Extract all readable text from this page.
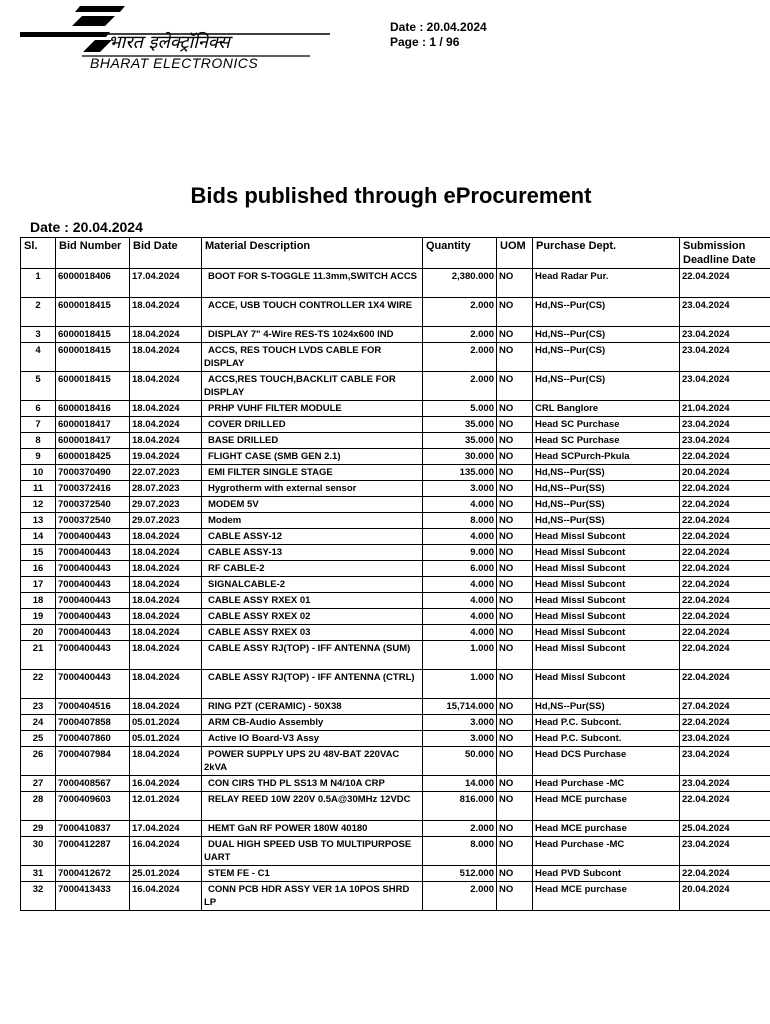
भारत इलेक्ट्रॉनिक्स
BHARAT ELECTRONICS
Date : 20.04.2024
Page : 1 / 96
Bids published through eProcurement
Date : 20.04.2024
Sl.	Bid Number	Bid Date	Material Description	Quantity	UOM	Purchase Dept.	Submission Deadline Date
1	6000018406	17.04.2024	BOOT FOR S-TOGGLE 11.3mm,SWITCH ACCS	2,380.000	NO	Head Radar Pur.	22.04.2024
2	6000018415	18.04.2024	ACCE, USB TOUCH CONTROLLER 1X4 WIRE	2.000	NO	Hd,NS--Pur(CS)	23.04.2024
3	6000018415	18.04.2024	DISPLAY 7" 4-Wire RES-TS 1024x600 IND	2.000	NO	Hd,NS--Pur(CS)	23.04.2024
4	6000018415	18.04.2024	ACCS, RES TOUCH LVDS CABLE FOR DISPLAY	2.000	NO	Hd,NS--Pur(CS)	23.04.2024
5	6000018415	18.04.2024	ACCS,RES TOUCH,BACKLIT CABLE FOR DISPLAY	2.000	NO	Hd,NS--Pur(CS)	23.04.2024
6	6000018416	18.04.2024	PRHP VUHF FILTER MODULE	5.000	NO	CRL Banglore	21.04.2024
7	6000018417	18.04.2024	COVER DRILLED	35.000	NO	Head SC Purchase	23.04.2024
8	6000018417	18.04.2024	BASE DRILLED	35.000	NO	Head SC Purchase	23.04.2024
9	6000018425	19.04.2024	FLIGHT CASE (SMB GEN 2.1)	30.000	NO	Head SCPurch-Pkula	22.04.2024
10	7000370490	22.07.2023	EMI FILTER SINGLE STAGE	135.000	NO	Hd,NS--Pur(SS)	20.04.2024
11	7000372416	28.07.2023	Hygrotherm with external sensor	3.000	NO	Hd,NS--Pur(SS)	22.04.2024
12	7000372540	29.07.2023	MODEM 5V	4.000	NO	Hd,NS--Pur(SS)	22.04.2024
13	7000372540	29.07.2023	Modem	8.000	NO	Hd,NS--Pur(SS)	22.04.2024
14	7000400443	18.04.2024	CABLE ASSY-12	4.000	NO	Head Missl Subcont	22.04.2024
15	7000400443	18.04.2024	CABLE ASSY-13	9.000	NO	Head Missl Subcont	22.04.2024
16	7000400443	18.04.2024	RF CABLE-2	6.000	NO	Head Missl Subcont	22.04.2024
17	7000400443	18.04.2024	SIGNALCABLE-2	4.000	NO	Head Missl Subcont	22.04.2024
18	7000400443	18.04.2024	CABLE ASSY RXEX 01	4.000	NO	Head Missl Subcont	22.04.2024
19	7000400443	18.04.2024	CABLE ASSY RXEX 02	4.000	NO	Head Missl Subcont	22.04.2024
20	7000400443	18.04.2024	CABLE ASSY RXEX 03	4.000	NO	Head Missl Subcont	22.04.2024
21	7000400443	18.04.2024	CABLE ASSY RJ(TOP) - IFF ANTENNA (SUM)	1.000	NO	Head Missl Subcont	22.04.2024
22	7000400443	18.04.2024	CABLE ASSY RJ(TOP) - IFF ANTENNA (CTRL)	1.000	NO	Head Missl Subcont	22.04.2024
23	7000404516	18.04.2024	RING PZT (CERAMIC) - 50X38	15,714.000	NO	Hd,NS--Pur(SS)	27.04.2024
24	7000407858	05.01.2024	ARM CB-Audio Assembly	3.000	NO	Head P.C. Subcont.	22.04.2024
25	7000407860	05.01.2024	Active IO Board-V3 Assy	3.000	NO	Head P.C. Subcont.	23.04.2024
26	7000407984	18.04.2024	POWER SUPPLY UPS 2U 48V-BAT 220VAC 2kVA	50.000	NO	Head DCS Purchase	23.04.2024
27	7000408567	16.04.2024	CON CIRS THD PL SS13 M N4/10A CRP	14.000	NO	Head Purchase -MC	23.04.2024
28	7000409603	12.01.2024	RELAY REED 10W 220V 0.5A@30MHz 12VDC	816.000	NO	Head MCE purchase	22.04.2024
29	7000410837	17.04.2024	HEMT GaN RF POWER 180W 40180	2.000	NO	Head MCE purchase	25.04.2024
30	7000412287	16.04.2024	DUAL HIGH SPEED USB TO MULTIPURPOSE UART	8.000	NO	Head Purchase -MC	23.04.2024
31	7000412672	25.01.2024	STEM FE - C1	512.000	NO	Head PVD Subcont	22.04.2024
32	7000413433	16.04.2024	CONN PCB HDR ASSY VER 1A 10POS SHRD LP	2.000	NO	Head MCE purchase	20.04.2024
